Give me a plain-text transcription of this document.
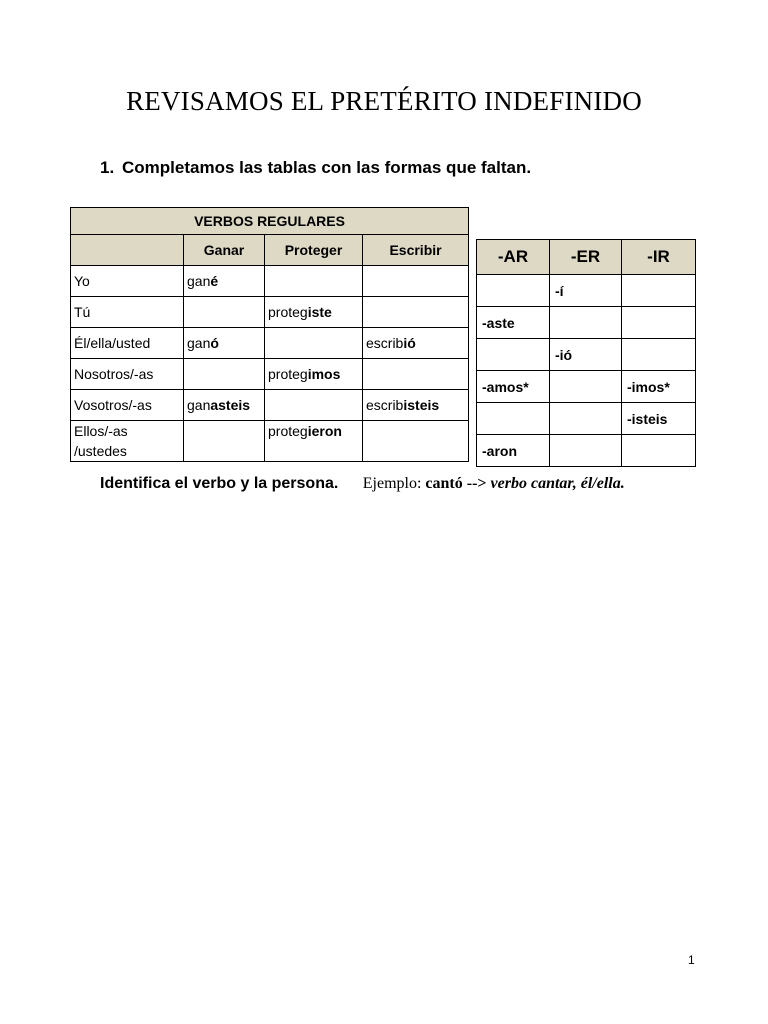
REVISAMOS EL PRETÉRITO INDEFINIDO
1. Completamos las tablas con las formas que faltan.
VERBOS REGULARES			
	Ganar	Proteger	Escribir
Yo	gané		
Tú		protegiste	
Él/ella/usted	ganó		escribió
Nosotros/-as		protegimos	
Vosotros/-as	ganasteis		escribisteis
Ellos/-as /ustedes		protegieron	
-AR	-ER	-IR
	-í	
-aste		
	-ió	
-amos*		-imos*
		-isteis
-aron		
Identifica el verbo y la persona. Ejemplo: cantó --> verbo cantar, él/ella.
1
